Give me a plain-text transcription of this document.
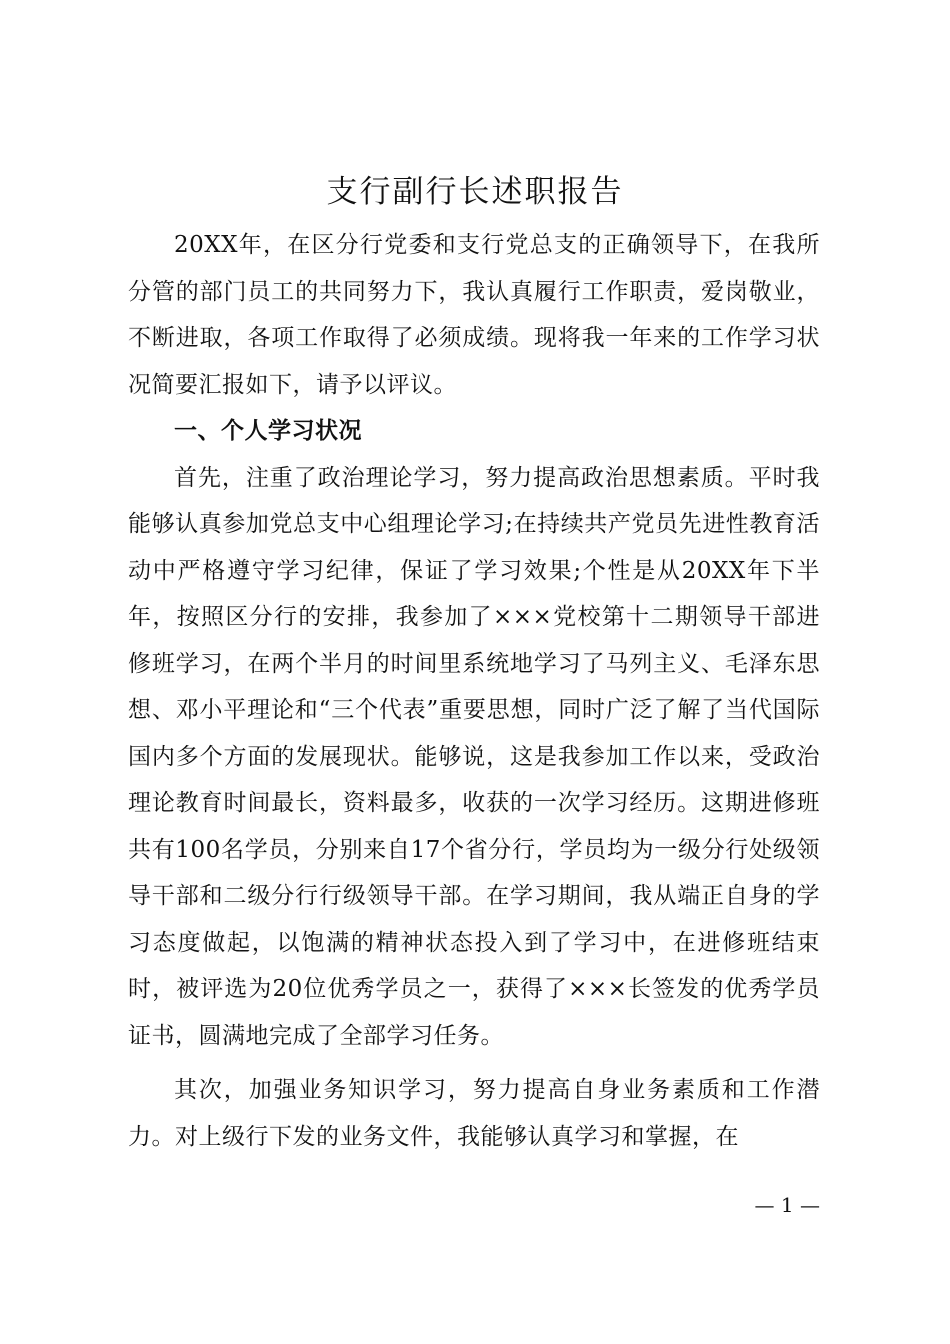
支行副行长述职报告

20XX年，在区分行党委和支行党总支的正确领导下，在我所分管的部门员工的共同努力下，我认真履行工作职责，爱岗敬业，不断进取，各项工作取得了必须成绩。现将我一年来的工作学习状况简要汇报如下，请予以评议。

一、个人学习状况

首先，注重了政治理论学习，努力提高政治思想素质。平时我能够认真参加党总支中心组理论学习;在持续共产党员先进性教育活动中严格遵守学习纪律，保证了学习效果;个性是从20XX年下半年，按照区分行的安排，我参加了×××党校第十二期领导干部进修班学习，在两个半月的时间里系统地学习了马列主义、毛泽东思想、邓小平理论和“三个代表”重要思想，同时广泛了解了当代国际国内多个方面的发展现状。能够说，这是我参加工作以来，受政治理论教育时间最长，资料最多，收获的一次学习经历。这期进修班共有100名学员，分别来自17个省分行，学员均为一级分行处级领导干部和二级分行行级领导干部。在学习期间，我从端正自身的学习态度做起，以饱满的精神状态投入到了学习中，在进修班结束时，被评选为20位优秀学员之一，获得了×××长签发的优秀学员证书，圆满地完成了全部学习任务。

其次，加强业务知识学习，努力提高自身业务素质和工作潜力。对上级行下发的业务文件，我能够认真学习和掌握，在

— 1 —
